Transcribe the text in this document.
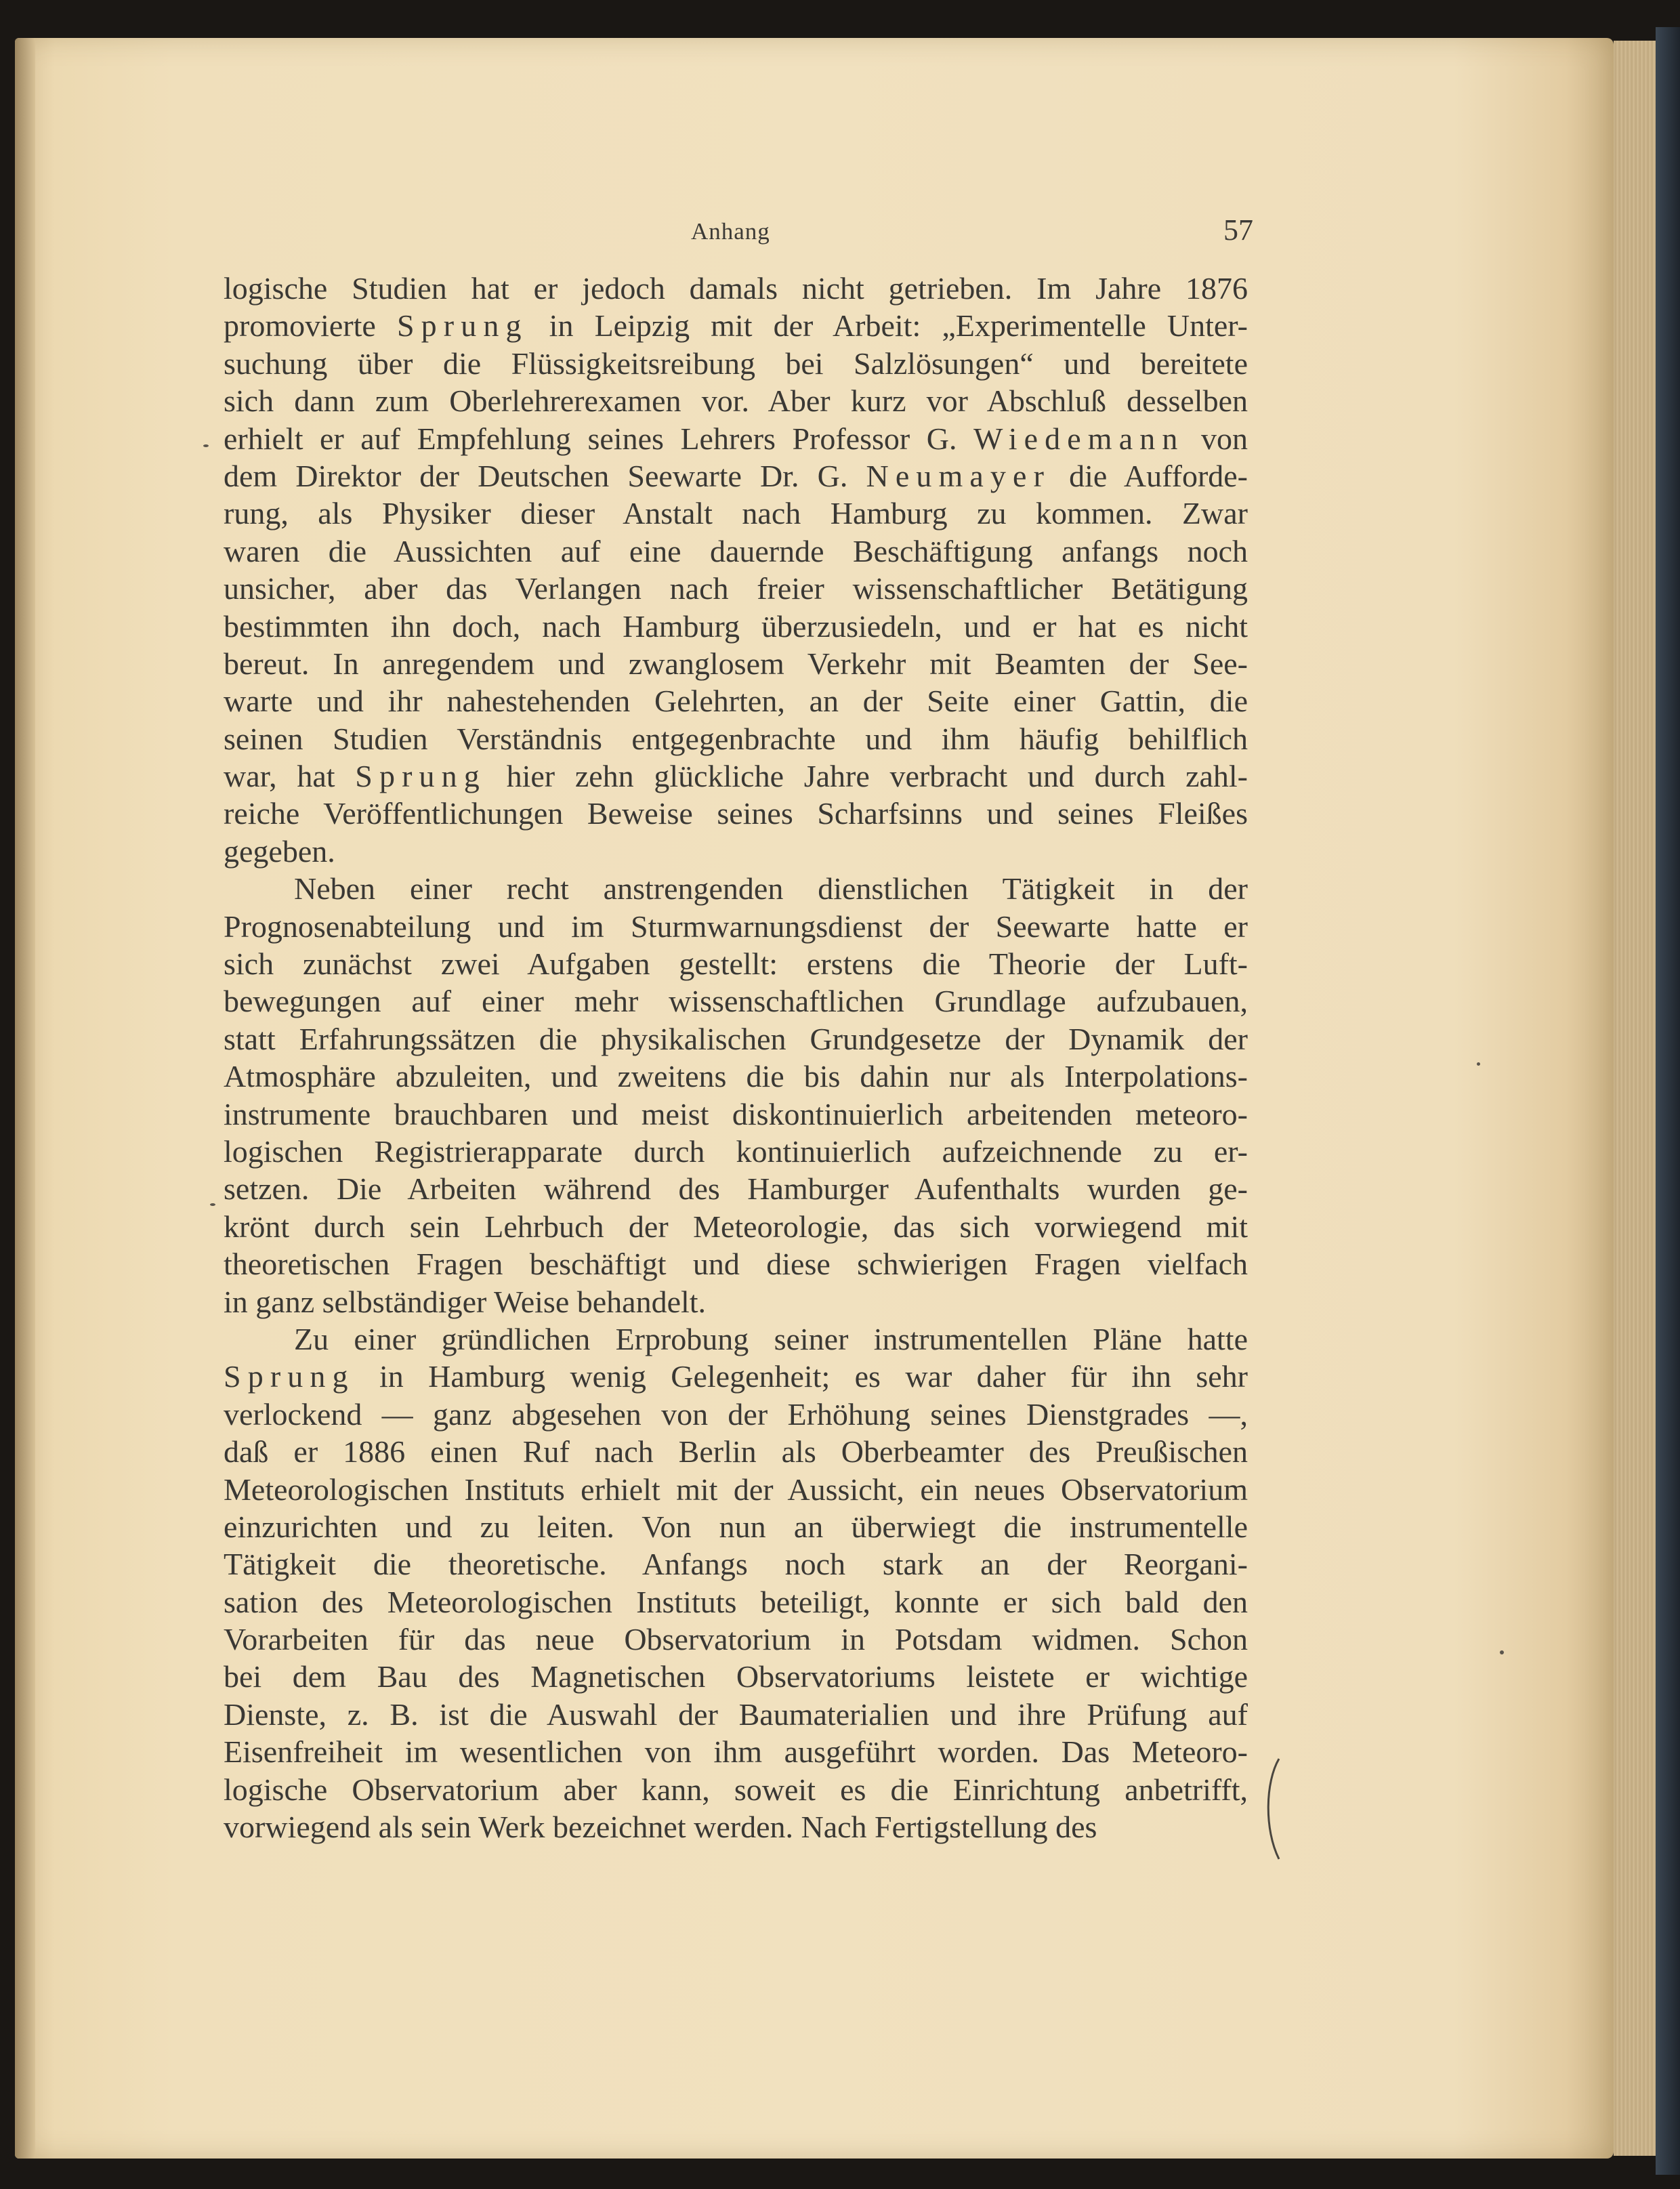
Anhang	57

logische Studien hat er jedoch damals nicht getrieben. Im Jahre 1876
promovierte Sprung in Leipzig mit der Arbeit: „Experimentelle Unter-
suchung über die Flüssigkeitsreibung bei Salzlösungen“ und bereitete
sich dann zum Oberlehrerexamen vor. Aber kurz vor Abschluß desselben
erhielt er auf Empfehlung seines Lehrers Professor G. Wiedemann von
dem Direktor der Deutschen Seewarte Dr. G. Neumayer die Aufforde-
rung, als Physiker dieser Anstalt nach Hamburg zu kommen. Zwar
waren die Aussichten auf eine dauernde Beschäftigung anfangs noch
unsicher, aber das Verlangen nach freier wissenschaftlicher Betätigung
bestimmten ihn doch, nach Hamburg überzusiedeln, und er hat es nicht
bereut. In anregendem und zwanglosem Verkehr mit Beamten der See-
warte und ihr nahestehenden Gelehrten, an der Seite einer Gattin, die
seinen Studien Verständnis entgegenbrachte und ihm häufig behilflich
war, hat Sprung hier zehn glückliche Jahre verbracht und durch zahl-
reiche Veröffentlichungen Beweise seines Scharfsinns und seines Fleißes
gegeben.

Neben einer recht anstrengenden dienstlichen Tätigkeit in der
Prognosenabteilung und im Sturmwarnungsdienst der Seewarte hatte er
sich zunächst zwei Aufgaben gestellt: erstens die Theorie der Luft-
bewegungen auf einer mehr wissenschaftlichen Grundlage aufzubauen,
statt Erfahrungssätzen die physikalischen Grundgesetze der Dynamik der
Atmosphäre abzuleiten, und zweitens die bis dahin nur als Interpolations-
instrumente brauchbaren und meist diskontinuierlich arbeitenden meteoro-
logischen Registrierapparate durch kontinuierlich aufzeichnende zu er-
setzen. Die Arbeiten während des Hamburger Aufenthalts wurden ge-
krönt durch sein Lehrbuch der Meteorologie, das sich vorwiegend mit
theoretischen Fragen beschäftigt und diese schwierigen Fragen vielfach
in ganz selbständiger Weise behandelt.

Zu einer gründlichen Erprobung seiner instrumentellen Pläne hatte
Sprung in Hamburg wenig Gelegenheit; es war daher für ihn sehr
verlockend — ganz abgesehen von der Erhöhung seines Dienstgrades —,
daß er 1886 einen Ruf nach Berlin als Oberbeamter des Preußischen
Meteorologischen Instituts erhielt mit der Aussicht, ein neues Observatorium
einzurichten und zu leiten. Von nun an überwiegt die instrumentelle
Tätigkeit die theoretische. Anfangs noch stark an der Reorgani-
sation des Meteorologischen Instituts beteiligt, konnte er sich bald den
Vorarbeiten für das neue Observatorium in Potsdam widmen. Schon
bei dem Bau des Magnetischen Observatoriums leistete er wichtige
Dienste, z. B. ist die Auswahl der Baumaterialien und ihre Prüfung auf
Eisenfreiheit im wesentlichen von ihm ausgeführt worden. Das Meteoro-
logische Observatorium aber kann, soweit es die Einrichtung anbetrifft,
vorwiegend als sein Werk bezeichnet werden. Nach Fertigstellung des
